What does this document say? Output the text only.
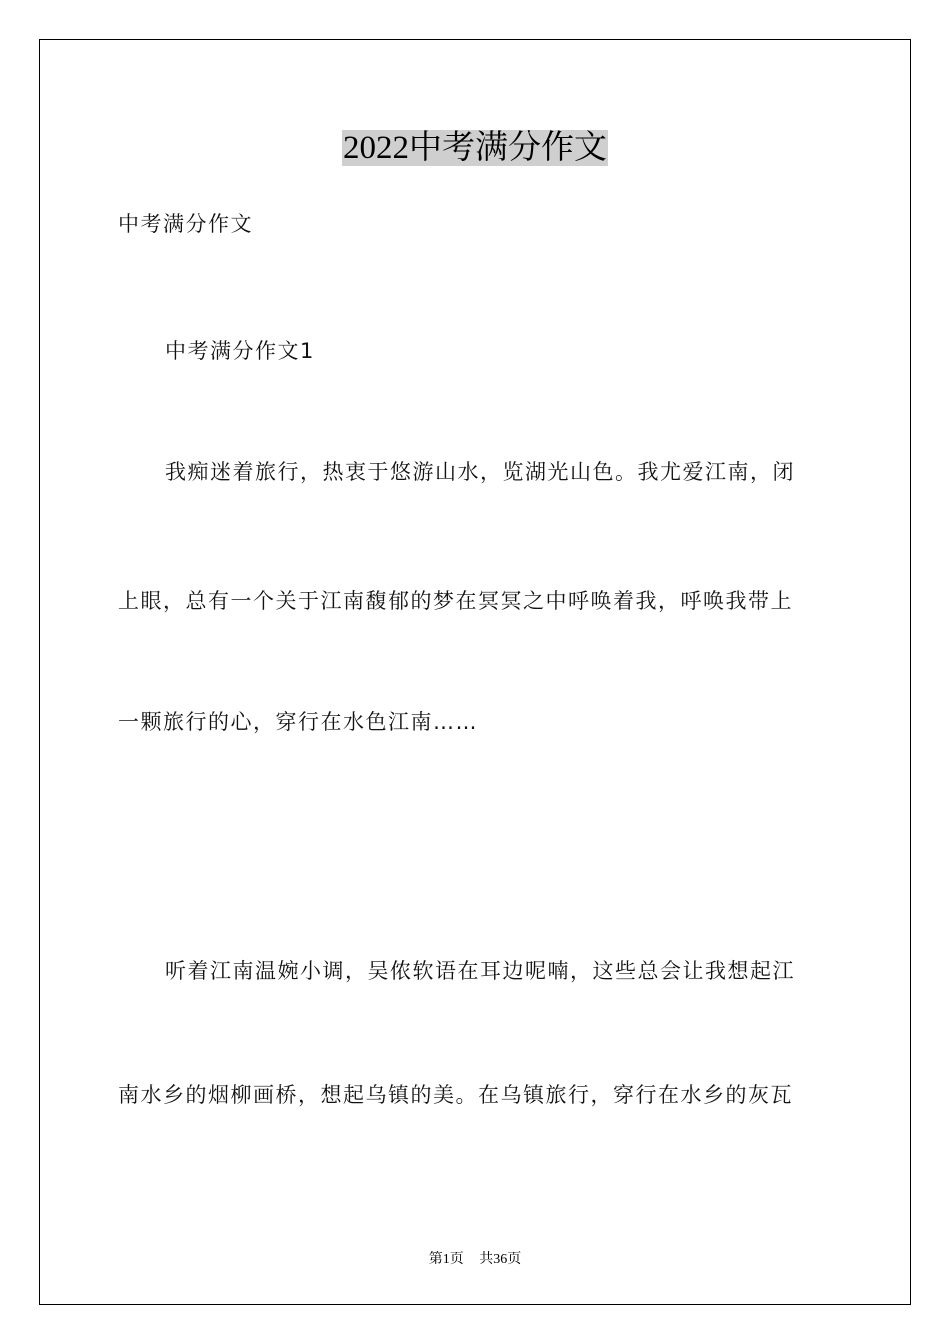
2022中考满分作文
中考满分作文
中考满分作文1
我痴迷着旅行，热衷于悠游山水，览湖光山色。我尤爱江南，闭
上眼，总有一个关于江南馥郁的梦在冥冥之中呼唤着我，呼唤我带上
一颗旅行的心，穿行在水色江南……
听着江南温婉小调，吴侬软语在耳边呢喃，这些总会让我想起江
南水乡的烟柳画桥，想起乌镇的美。在乌镇旅行，穿行在水乡的灰瓦
第1页 共36页
